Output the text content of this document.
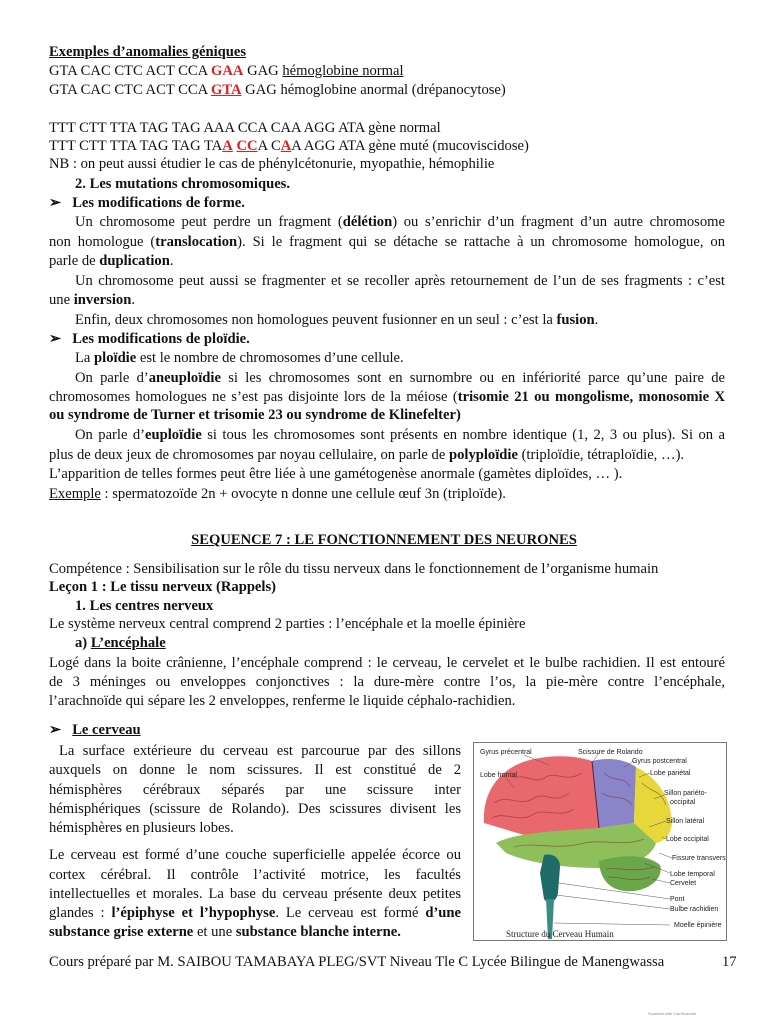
Exemples d’anomalies géniques
GTA CAC CTC ACT CCA GAA GAG hémoglobine normal
GTA CAC CTC ACT CCA GTA GAG hémoglobine anormal (drépanocytose)
TTT CTT TTA TAG TAG AAA CCA CAA AGG ATA gène normal
TTT CTT TTA TAG TAG TAA CCA CAA AGG ATA gène muté (mucoviscidose)
NB : on peut aussi étudier le cas de phénylcétonurie, myopathie, hémophilie
2. Les mutations chromosomiques.
➢   Les modifications de forme.
Un chromosome peut perdre un fragment (délétion) ou s’enrichir d’un fragment d’un autre chromosome
non homologue (translocation). Si le fragment qui se détache se rattache à un chromosome homologue, on
parle de duplication.
Un chromosome peut aussi se fragmenter et se recoller après retournement de l’un de ses fragments : c’est
une inversion.
Enfin, deux chromosomes non homologues peuvent fusionner en un seul : c’est la fusion.
➢   Les modifications de ploïdie.
La ploïdie est le nombre de chromosomes d’une cellule.
On parle d’aneuploïdie si les chromosomes sont en surnombre ou en infériorité parce qu’une paire de
chromosomes homologues ne s’est pas disjointe lors de la méiose (trisomie 21 ou mongolisme, monosomie X
ou syndrome de Turner et trisomie 23 ou syndrome de Klinefelter)
On parle d’euploïdie si tous les chromosomes sont présents en nombre identique (1, 2, 3 ou plus). Si on a
plus de deux jeux de chromosomes par noyau cellulaire, on parle de polyploïdie (triploïdie, tétraploïdie, …).
L’apparition de telles formes peut être liée à une gamétogenèse anormale (gamètes diploïdes, … ).
Exemple : spermatozoïde 2n + ovocyte n donne une cellule œuf 3n (triploïde).
SEQUENCE 7 : LE FONCTIONNEMENT DES NEURONES
Compétence : Sensibilisation sur le rôle du tissu nerveux dans le fonctionnement de l’organisme humain
Leçon 1 : Le tissu nerveux (Rappels)
1. Les centres nerveux
Le système nerveux central comprend 2 parties : l’encéphale et la moelle épinière
a) L’encéphale
Logé dans la boite crânienne, l’encéphale comprend : le cerveau, le cervelet et le bulbe rachidien. Il est entouré
de 3 méninges ou enveloppes conjonctives : la dure-mère contre l’os, la pie-mère contre l’encéphale,
l’arachnoïde qui sépare les 2 enveloppes, renferme le liquide céphalo-rachidien.
➢   Le cerveau
La surface extérieure du cerveau est parcourue par des sillons
auxquels on donne le nom scissures. Il est constitué de 2
hémisphères cérébraux séparés par une scissure inter
hémisphériques (scissure de Rolando). Des scissures divisent les
hémisphères en plusieurs lobes.
Le cerveau est formé d’une couche superficielle appelée écorce ou
cortex cérébral. Il contrôle l’activité motrice, les facultés
intellectuelles et morales. La base du cerveau présente deux petites
glandes : l’épiphyse et l’hypophyse. Le cerveau est formé d’une
substance grise externe et une substance blanche interne.
Gyrus précentral	Scissure de Rolando
Gyrus postcentral
Lobe frontal	Lobe pariétal
Sillon pariéto-
occipital
Sillon latéral
Lobe occipital
Fissure transverse
Lobe temporal
Cervelet
Pont
Bulbe rachidien
Moelle épinière
Structure du Cerveau Humain
Cours préparé par M. SAIBOU TAMABAYA PLEG/SVT Niveau Tle C Lycée Bilingue de Manengwassa	17
Scanned with CamScanner
